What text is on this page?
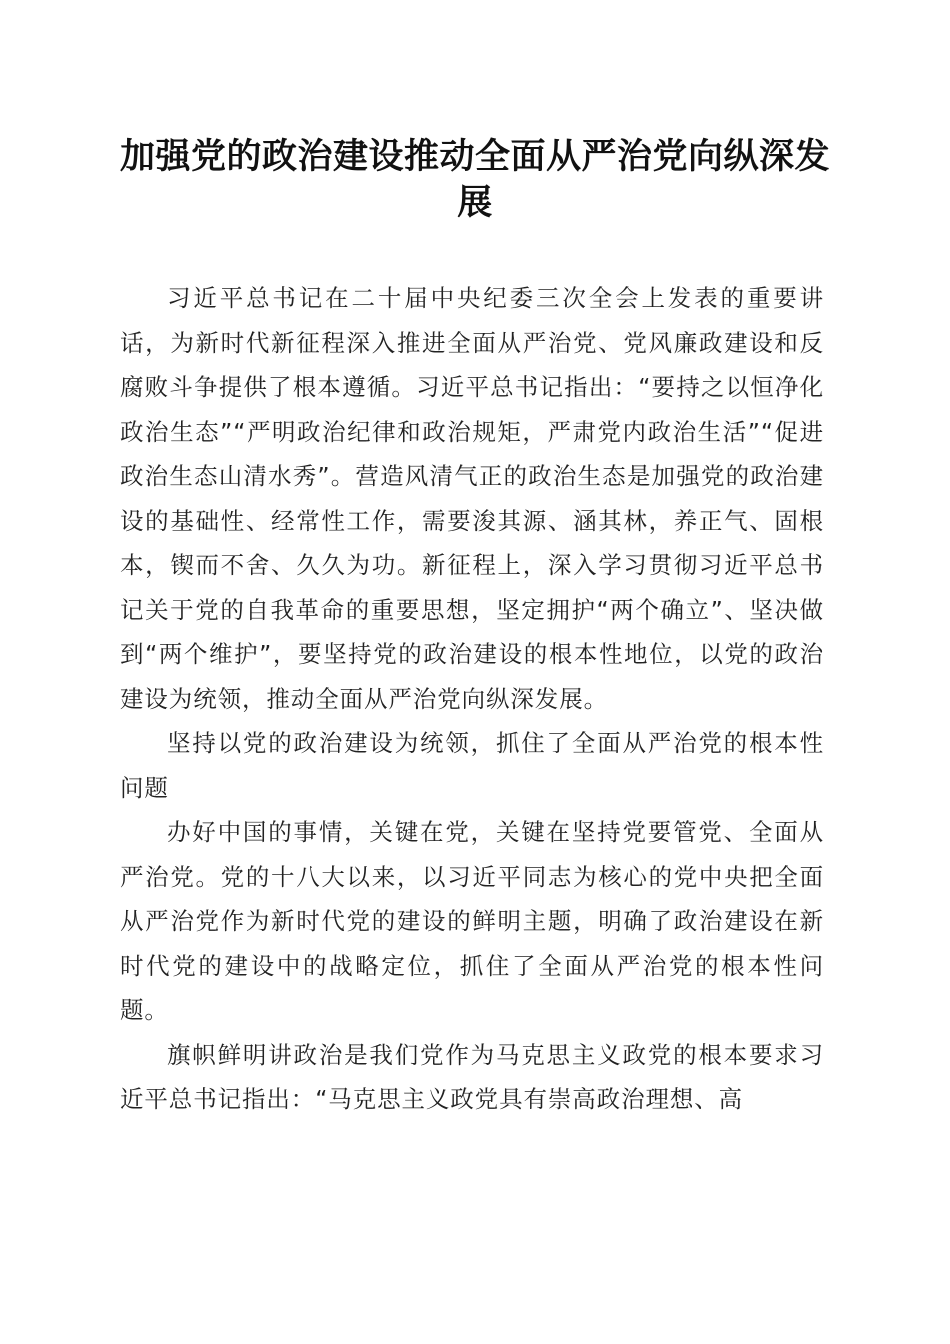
加强党的政治建设推动全面从严治党向纵深发展

习近平总书记在二十届中央纪委三次全会上发表的重要讲话，为新时代新征程深入推进全面从严治党、党风廉政建设和反腐败斗争提供了根本遵循。习近平总书记指出：“要持之以恒净化政治生态”“严明政治纪律和政治规矩，严肃党内政治生活”“促进政治生态山清水秀”。营造风清气正的政治生态是加强党的政治建设的基础性、经常性工作，需要浚其源、涵其林，养正气、固根本，锲而不舍、久久为功。新征程上，深入学习贯彻习近平总书记关于党的自我革命的重要思想，坚定拥护“两个确立”、坚决做到“两个维护”，要坚持党的政治建设的根本性地位，以党的政治建设为统领，推动全面从严治党向纵深发展。

坚持以党的政治建设为统领，抓住了全面从严治党的根本性问题

办好中国的事情，关键在党，关键在坚持党要管党、全面从严治党。党的十八大以来，以习近平同志为核心的党中央把全面从严治党作为新时代党的建设的鲜明主题，明确了政治建设在新时代党的建设中的战略定位，抓住了全面从严治党的根本性问题。

旗帜鲜明讲政治是我们党作为马克思主义政党的根本要求习近平总书记指出：“马克思主义政党具有崇高政治理想、高
